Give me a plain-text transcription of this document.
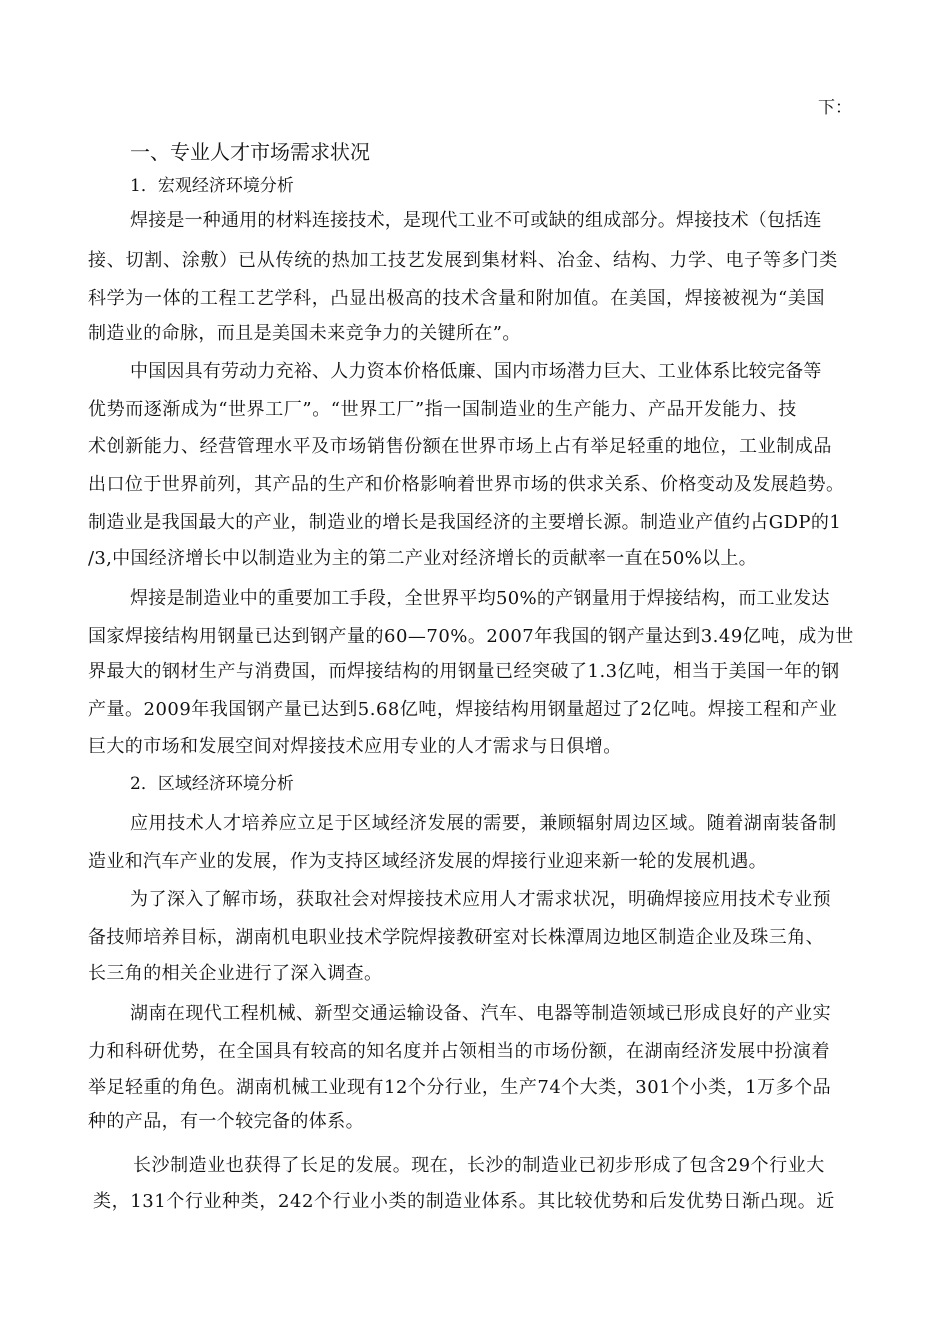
下：
一、专业人才市场需求状况
1．宏观经济环境分析
焊接是一种通用的材料连接技术，是现代工业不可或缺的组成部分。焊接技术（包括连
接、切割、涂敷）已从传统的热加工技艺发展到集材料、冶金、结构、力学、电子等多门类
科学为一体的工程工艺学科，凸显出极高的技术含量和附加值。在美国，焊接被视为“美国
制造业的命脉，而且是美国未来竞争力的关键所在”。
中国因具有劳动力充裕、人力资本价格低廉、国内市场潜力巨大、工业体系比较完备等
优势而逐渐成为“世界工厂”。“世界工厂”指一国制造业的生产能力、产品开发能力、技
术创新能力、经营管理水平及市场销售份额在世界市场上占有举足轻重的地位，工业制成品
出口位于世界前列，其产品的生产和价格影响着世界市场的供求关系、价格变动及发展趋势。
制造业是我国最大的产业，制造业的增长是我国经济的主要增长源。制造业产值约占GDP的1
/3,中国经济增长中以制造业为主的第二产业对经济增长的贡献率一直在50%以上。
焊接是制造业中的重要加工手段，全世界平均50%的产钢量用于焊接结构，而工业发达
国家焊接结构用钢量已达到钢产量的60—70%。2007年我国的钢产量达到3.49亿吨，成为世
界最大的钢材生产与消费国，而焊接结构的用钢量已经突破了1.3亿吨，相当于美国一年的钢
产量。2009年我国钢产量已达到5.68亿吨，焊接结构用钢量超过了2亿吨。焊接工程和产业
巨大的市场和发展空间对焊接技术应用专业的人才需求与日俱增。
2．区域经济环境分析
应用技术人才培养应立足于区域经济发展的需要，兼顾辐射周边区域。随着湖南装备制
造业和汽车产业的发展，作为支持区域经济发展的焊接行业迎来新一轮的发展机遇。
为了深入了解市场，获取社会对焊接技术应用人才需求状况，明确焊接应用技术专业预
备技师培养目标，湖南机电职业技术学院焊接教研室对长株潭周边地区制造企业及珠三角、
长三角的相关企业进行了深入调查。
湖南在现代工程机械、新型交通运输设备、汽车、电器等制造领域已形成良好的产业实
力和科研优势，在全国具有较高的知名度并占领相当的市场份额，在湖南经济发展中扮演着
举足轻重的角色。湖南机械工业现有12个分行业，生产74个大类，301个小类，1万多个品
种的产品，有一个较完备的体系。
长沙制造业也获得了长足的发展。现在，长沙的制造业已初步形成了包含29个行业大
类，131个行业种类，242个行业小类的制造业体系。其比较优势和后发优势日渐凸现。近
